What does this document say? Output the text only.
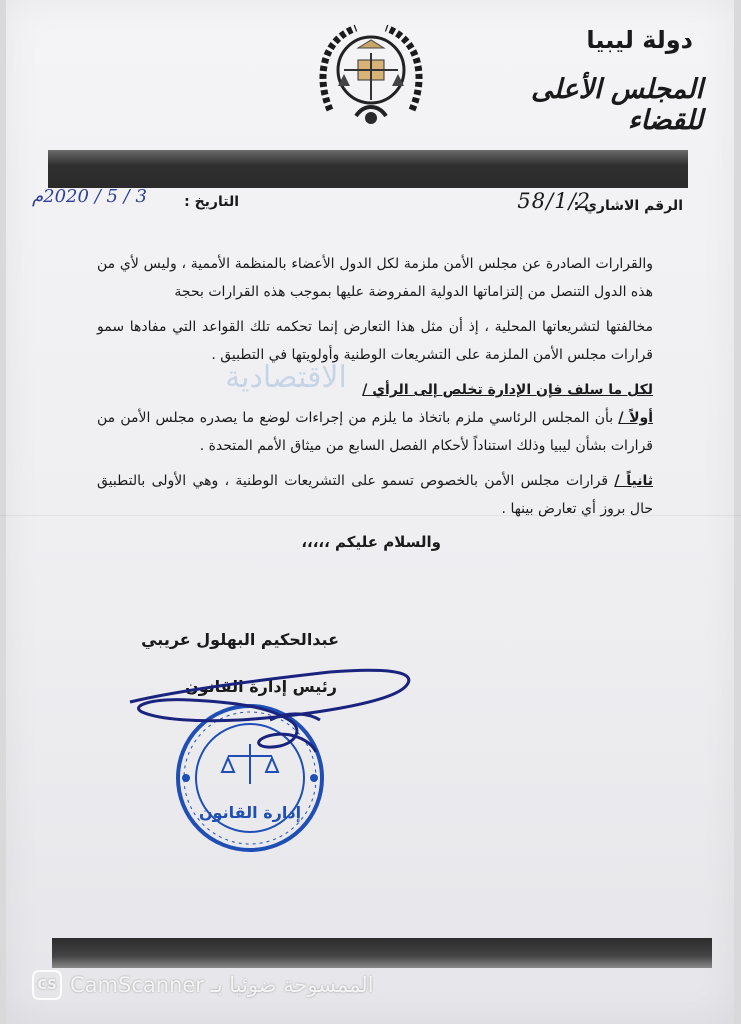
دولة ليبيا
المجلس الأعلى للقضاء
الرقم الاشاري :
58/1/2
التاريخ :
3 / 5 / 2020م
والقرارات الصادرة عن مجلس الأمن ملزمة لكل الدول الأعضاء بالمنظمة الأممية ، وليس لأي من هذه الدول التنصل من إلتزاماتها الدولية المفروضة عليها بموجب هذه القرارات بحجة
مخالفتها لتشريعاتها المحلية ، إذ أن مثل هذا التعارض إنما تحكمه تلك القواعد التي مفادها سمو قرارات مجلس الأمن الملزمة على التشريعات الوطنية وأولويتها في التطبيق .
لكل ما سلف فإن الإدارة تخلص إلى الرأي /
أولاً / بأن المجلس الرئاسي ملزم باتخاذ ما يلزم من إجراءات لوضع ما يصدره مجلس الأمن من قرارات بشأن ليبيا وذلك استناداً لأحكام الفصل السابع من ميثاق الأمم المتحدة .
ثانياً / قرارات مجلس الأمن بالخصوص تسمو على التشريعات الوطنية ، وهي الأولى بالتطبيق حال بروز أي تعارض بينها .
الاقتصادية
والسلام عليكم ،،،،،
عبدالحكيم البهلول عريبي
رئيس إدارة القانون
إدارة القانون
CS الممسوحة ضوئيا بـ CamScanner
